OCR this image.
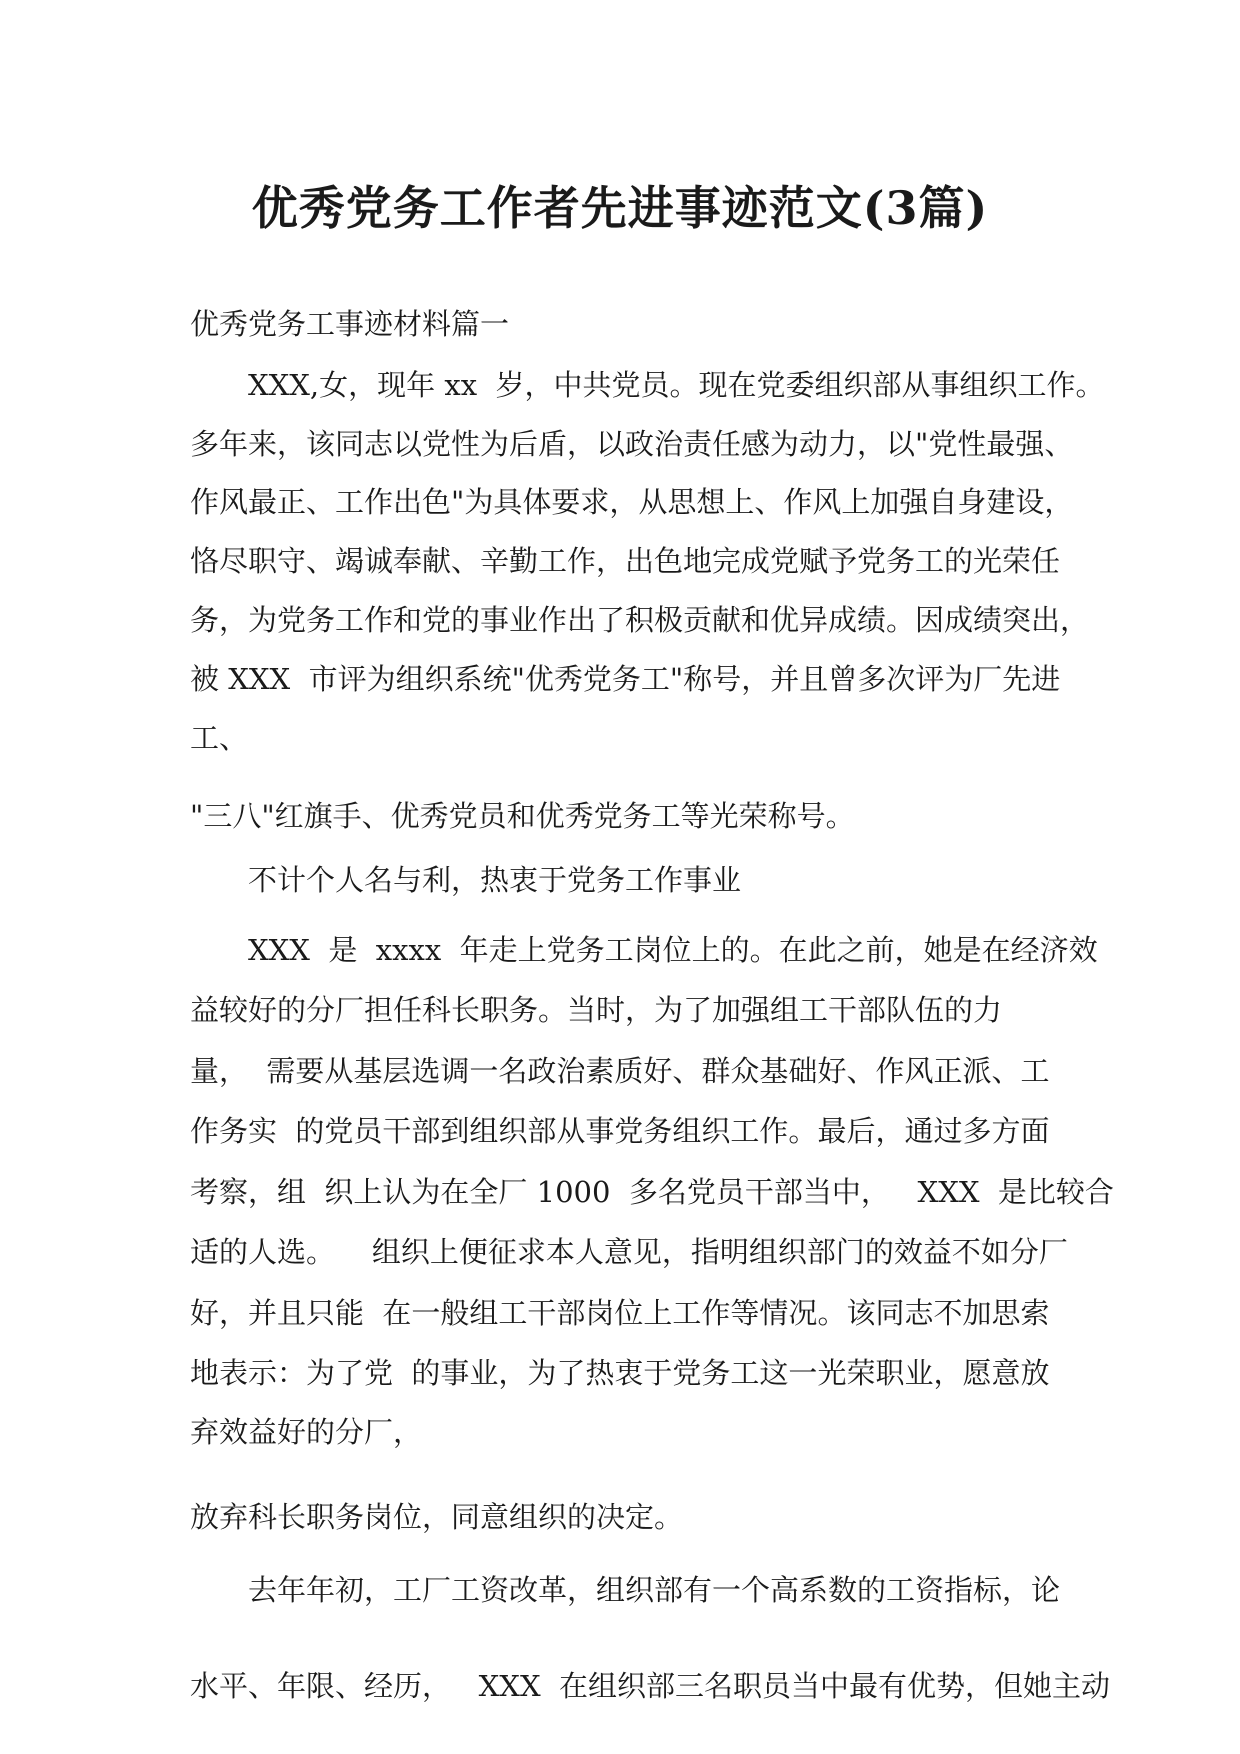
优秀党务工作者先进事迹范文(3篇)

优秀党务工事迹材料篇一

XXX,女，现年 xx  岁，中共党员。现在党委组织部从事组织工作。

多年来，该同志以党性为后盾，以政治责任感为动力，以"党性最强、

作风最正、工作出色"为具体要求，从思想上、作风上加强自身建设，

恪尽职守、竭诚奉献、辛勤工作，出色地完成党赋予党务工的光荣任

务，为党务工作和党的事业作出了积极贡献和优异成绩。因成绩突出，

被 XXX  市评为组织系统"优秀党务工"称号，并且曾多次评为厂先进

工、

"三八"红旗手、优秀党员和优秀党务工等光荣称号。

不计个人名与利，热衷于党务工作事业

XXX  是  xxxx  年走上党务工岗位上的。在此之前，她是在经济效

益较好的分厂担任科长职务。当时，为了加强组工干部队伍的力

量，  需要从基层选调一名政治素质好、群众基础好、作风正派、工

作务实  的党员干部到组织部从事党务组织工作。最后，通过多方面

考察，组  织上认为在全厂 1000  多名党员干部当中，   XXX  是比较合

适的人选。    组织上便征求本人意见，指明组织部门的效益不如分厂

好，并且只能  在一般组工干部岗位上工作等情况。该同志不加思索

地表示：为了党  的事业，为了热衷于党务工这一光荣职业，愿意放

弃效益好的分厂，

放弃科长职务岗位，同意组织的决定。

去年年初，工厂工资改革，组织部有一个高系数的工资指标，论

水平、年限、经历，   XXX  在组织部三名职员当中最有优势，但她主动
